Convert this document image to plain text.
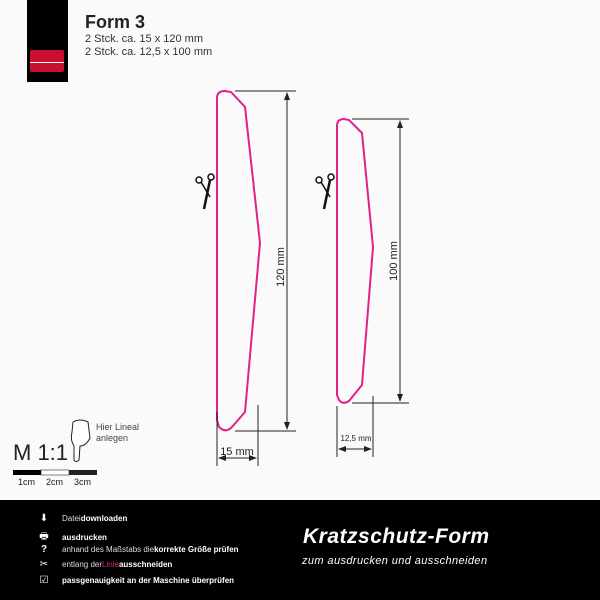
Form 3
2 Stck. ca. 15 x 120 mm
2 Stck. ca. 12,5 x 100 mm
120 mm	100 mm
15 mm
12,5 mm
M 1:1
Hier Lineal
anlegen
1cm 2cm 3cm
⬇	Datei downloaden
🖶	ausdrucken
?	anhand des Maßstabs die korrekte Größe prüfen
✂	entlang der Linie ausschneiden
☑	passgenauigkeit an der Maschine überprüfen
Kratzschutz-Form
zum ausdrucken und ausschneiden
